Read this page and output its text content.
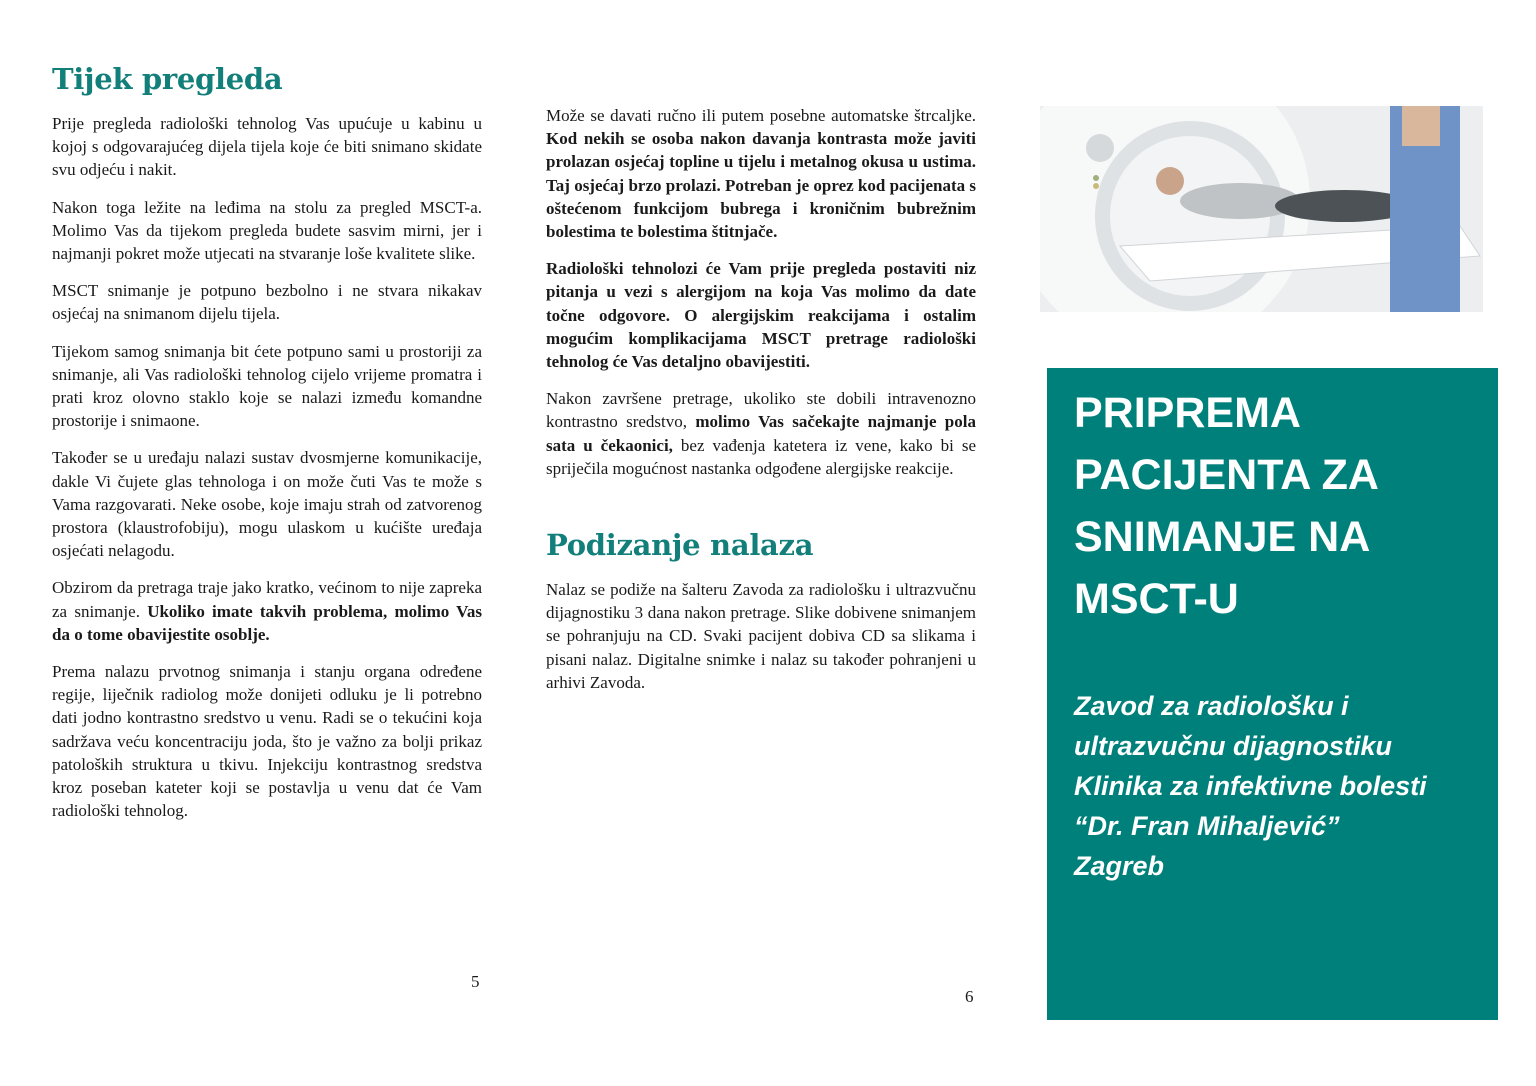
Tijek pregleda

Prije pregleda radiološki tehnolog Vas upućuje u kabinu u kojoj s odgovarajućeg dijela tijela koje će biti snimano skidate svu odjeću i nakit.

Nakon toga ležite na leđima na stolu za pregled MSCT-a. Molimo Vas da tijekom pregleda budete sasvim mirni, jer i najmanji pokret može utjecati na stvaranje loše kvalitete slike.

MSCT snimanje je potpuno bezbolno i ne stvara nikakav osjećaj na snimanom dijelu tijela.

Tijekom samog snimanja bit ćete potpuno sami u prostoriji za snimanje, ali Vas radiološki tehnolog cijelo vrijeme promatra i prati kroz olovno staklo koje se nalazi između komandne prostorije i snimaone.

Također se u uređaju nalazi sustav dvosmjerne komunikacije, dakle Vi čujete glas tehnologa i on može čuti Vas te može s Vama razgovarati. Neke osobe, koje imaju strah od zatvorenog prostora (klaustrofobiju), mogu ulaskom u kućište uređaja osjećati nelagodu.

Obzirom da pretraga traje jako kratko, većinom to nije zapreka za snimanje. Ukoliko imate takvih problema, molimo Vas da o tome obavijestite osoblje.

Prema nalazu prvotnog snimanja i stanju organa određene regije, liječnik radiolog može donijeti odluku je li potrebno dati jodno kontrastno sredstvo u venu. Radi se o tekućini koja sadržava veću koncentraciju joda, što je važno za bolji prikaz patoloških struktura u tkivu. Injekciju kontrastnog sredstva kroz poseban kateter koji se postavlja u venu dat će Vam radiološki tehnolog.

5

Može se davati ručno ili putem posebne automatske štrcaljke. Kod nekih se osoba nakon davanja kontrasta može javiti prolazan osjećaj topline u tijelu i metalnog okusa u ustima. Taj osjećaj brzo prolazi. Potreban je oprez kod pacijenata s oštećenom funkcijom bubrega i kroničnim bubrežnim bolestima te bolestima štitnjače.

Radiološki tehnolozi će Vam prije pregleda postaviti niz pitanja u vezi s alergijom na koja Vas molimo da date točne odgovore. O alergijskim reakcijama i ostalim mogućim komplikacijama MSCT pretrage radiološki tehnolog će Vas detaljno obavijestiti.

Nakon završene pretrage, ukoliko ste dobili intravenozno kontrastno sredstvo, molimo Vas sačekajte najmanje pola sata u čekaonici, bez vađenja katetera iz vene, kako bi se spriječila mogućnost nastanka odgođene alergijske reakcije.

Podizanje nalaza

Nalaz se podiže na šalteru Zavoda za radiološku i ultrazvučnu dijagnostiku 3 dana nakon pretrage. Slike dobivene snimanjem se pohranjuju na CD. Svaki pacijent dobiva CD sa slikama i pisani nalaz. Digitalne snimke i nalaz su također pohranjeni u arhivi Zavoda.

6
PRIPREMA
PACIJENTA ZA
SNIMANJE NA
MSCT-U
Zavod za radiološku i
ultrazvučnu dijagnostiku
Klinika za infektivne bolesti
“Dr. Fran Mihaljević”
Zagreb
